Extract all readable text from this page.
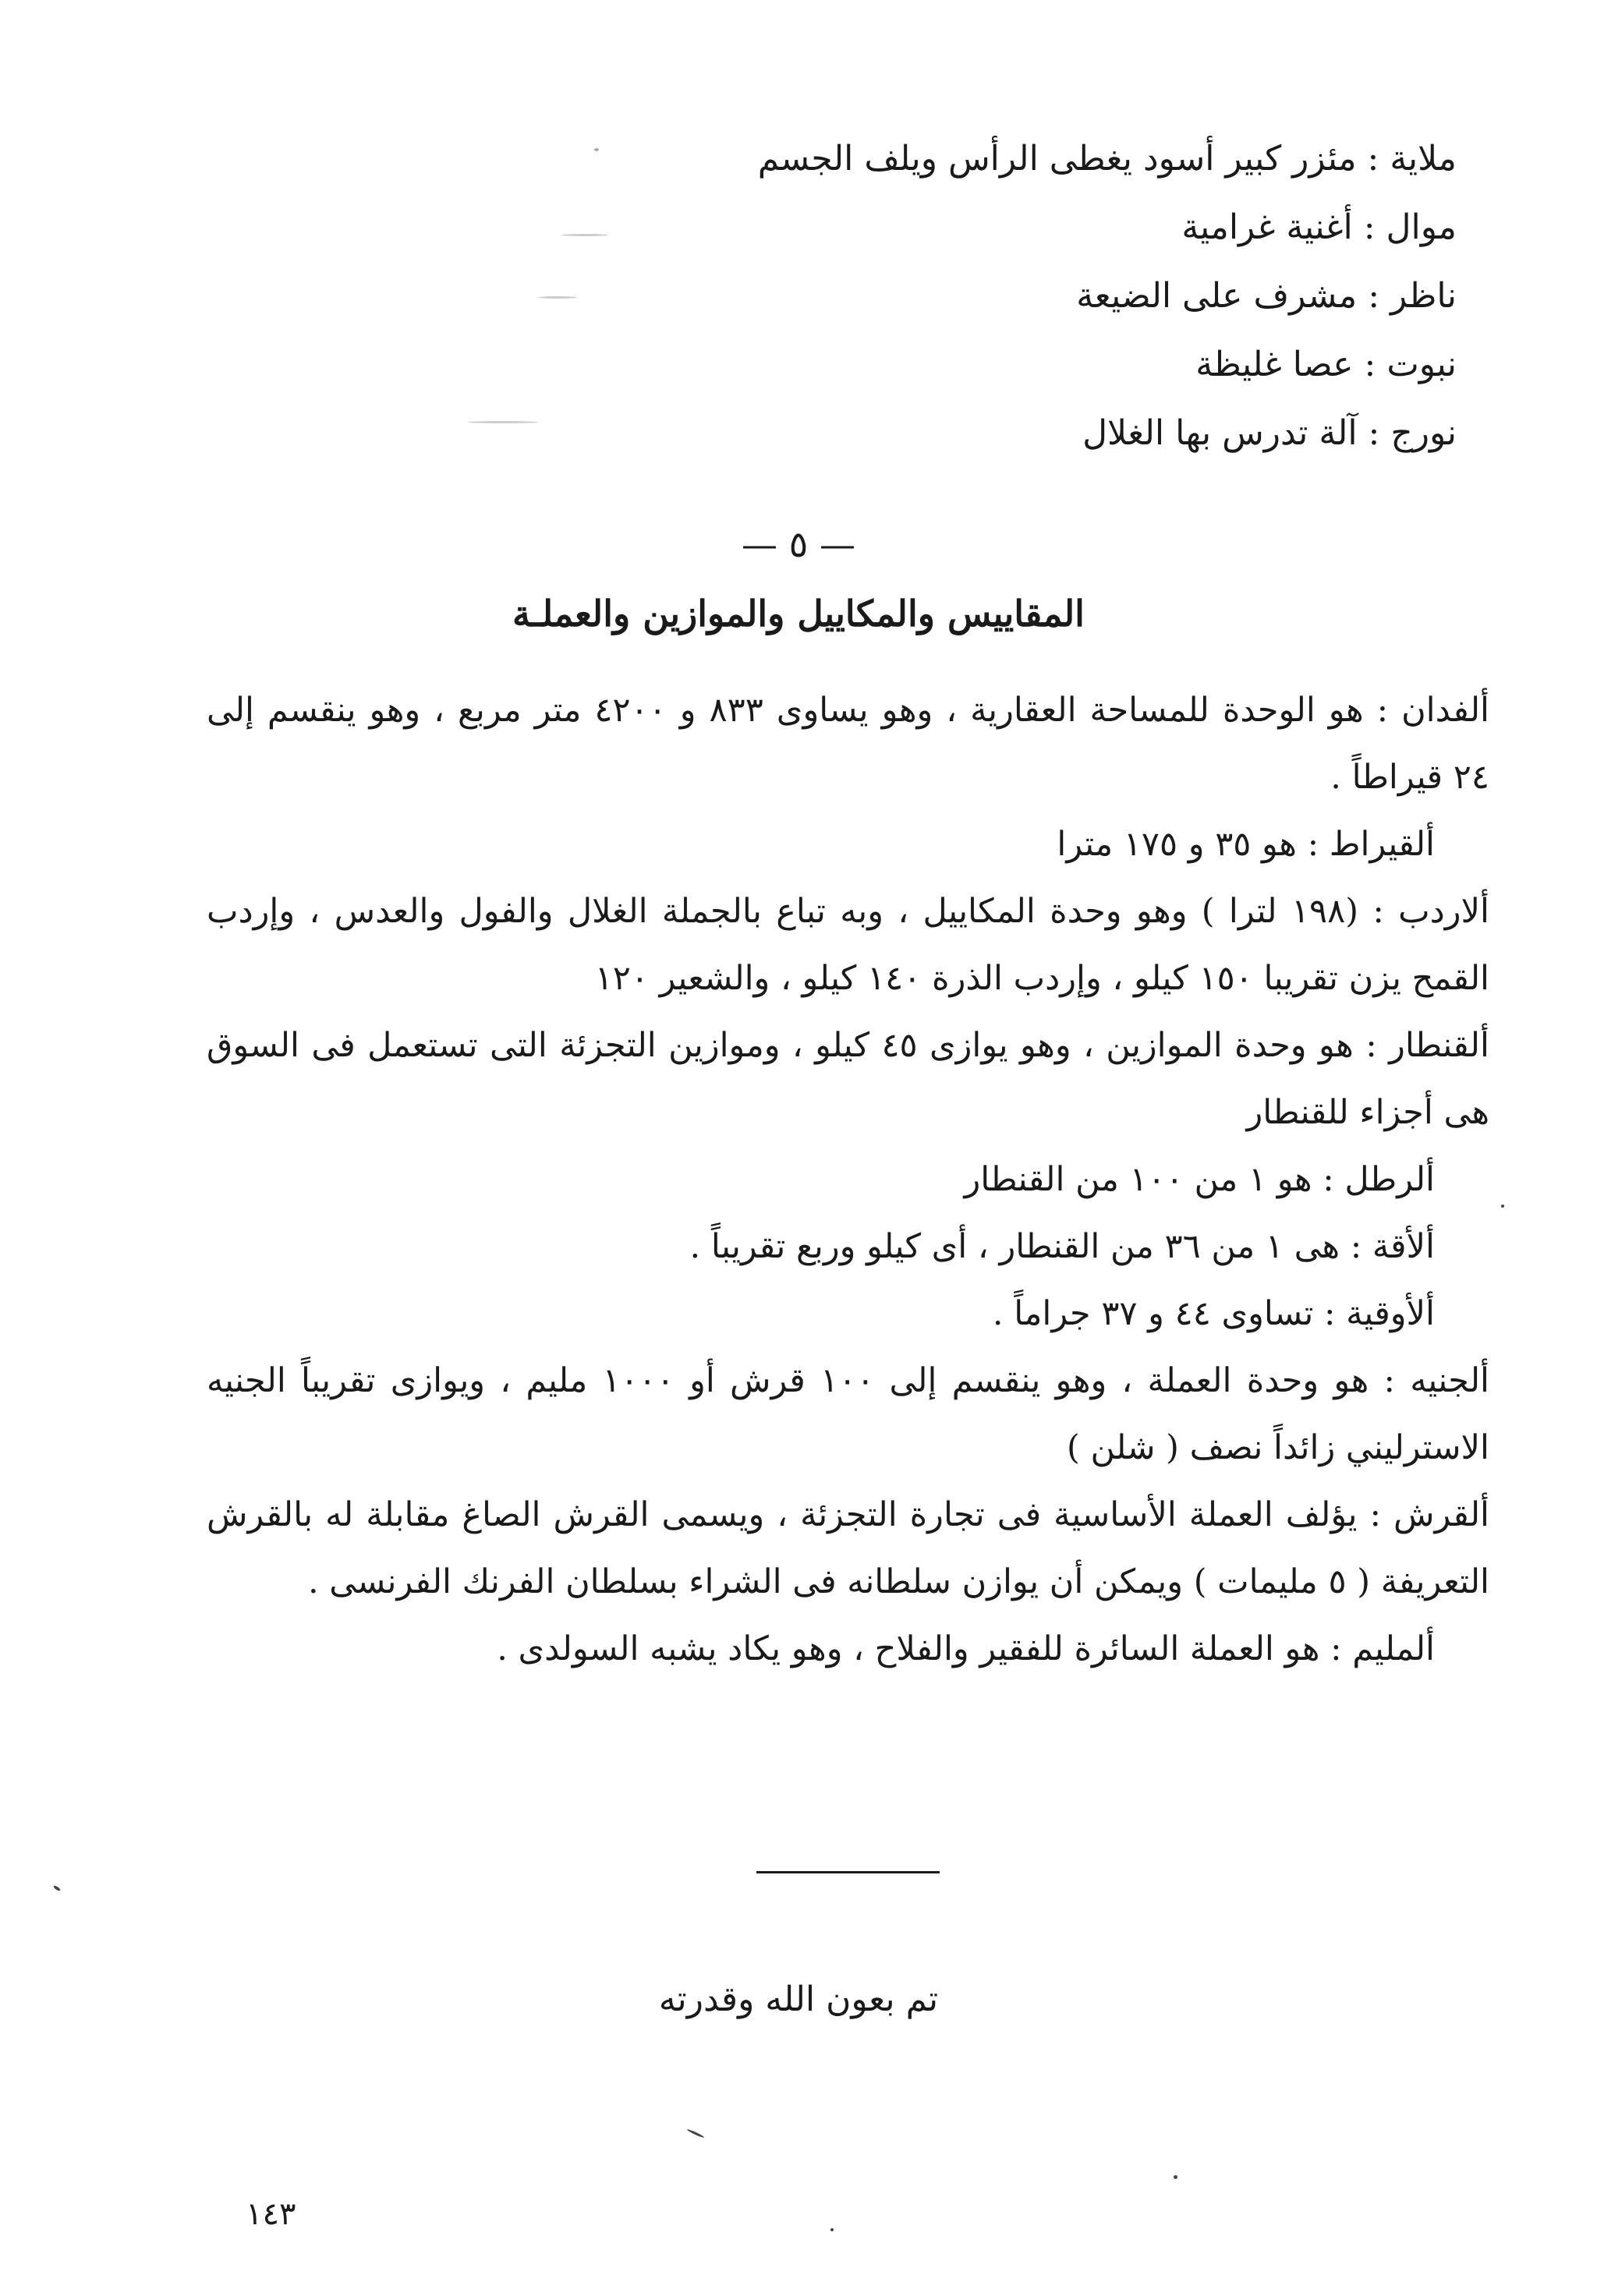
ملاية : مئزر كبير أسود يغطى الرأس ويلف الجسم
موال : أغنية غرامية
ناظر : مشرف على الضيعة
نبوت : عصا غليظة
نورج : آلة تدرس بها الغلال
— ٥ —
المقاييس والمكاييل والموازين والعملـة

ألفدان : هو الوحدة للمساحة العقارية ، وهو يساوى ٨٣٣ و ٤٢٠٠ متر مربع ، وهو ينقسم إلى ٢٤ قيراطاً .

ألقيراط : هو ٣٥ و ١٧٥ مترا

ألاردب : (١٩٨ لترا ) وهو وحدة المكاييل ، وبه تباع بالجملة الغلال والفول والعدس ، وإردب القمح يزن تقريبا ١٥٠ كيلو ، وإردب الذرة ١٤٠ كيلو ، والشعير ١٢٠

ألقنطار : هو وحدة الموازين ، وهو يوازى ٤٥ كيلو ، وموازين التجزئة التى تستعمل فى السوق هى أجزاء للقنطار

ألرطل : هو ١ من ١٠٠ من القنطار

ألأقة : هى ١ من ٣٦ من القنطار ، أى كيلو وربع تقريباً .

ألأوقية : تساوى ٤٤ و ٣٧ جراماً .

ألجنيه : هو وحدة العملة ، وهو ينقسم إلى ١٠٠ قرش أو ١٠٠٠ مليم ، ويوازى تقريباً الجنيه الاسترليني زائداً نصف ( شلن )

ألقرش : يؤلف العملة الأساسية فى تجارة التجزئة ، ويسمى القرش الصاغ مقابلة له بالقرش التعريفة ( ٥ مليمات ) ويمكن أن يوازن سلطانه فى الشراء بسلطان الفرنك الفرنسى .

ألمليم : هو العملة السائرة للفقير والفلاح ، وهو يكاد يشبه السولدى .

تم بعون الله وقدرته
١٤٣
